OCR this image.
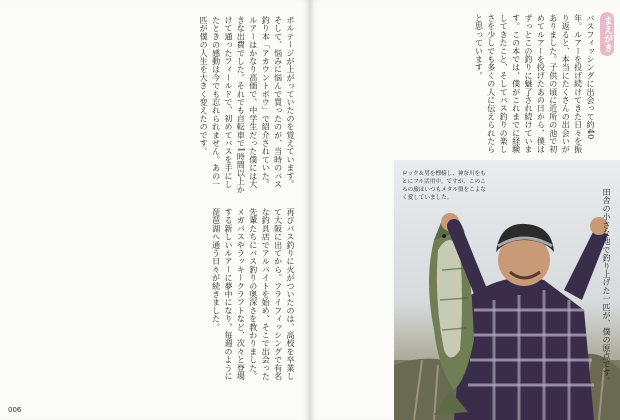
ボルテージが上がっていたのを覚えています。そして、悩みに悩んで買ったのが、当時のバス釣り本「アカウントボウ」で紹介されていた。ルアーはかなり高価で、中学生だった僕には大きな出費でした。それでも自転車で1時間以上かけて通ったフィールドで、初めてバスを手にしたときの感動は今でも忘れられません。あの一匹が僕の人生を大きく変えたのです。
再びバス釣りに火がついたのは、高校を卒業して大阪に出てから。フライフィッシングで有名な釣具店でアルバイトを始め、そこで出会った先輩たちにバス釣りの奥深さを教わりました。メガバスやラッキークラフトなど、次々と登場する新しいルアーに夢中になり、毎週のように琵琶湖へ通う日々が続きました。
006
まえがき
バスフィッシングに出会って約40年。ルアーを投げ続けてきた日々を振り返ると、本当にたくさんの出会いがありました。子供の頃に近所の池で初めてルアーを投げたあの日から、僕はずっとこの釣りに魅了され続けています。この本では、僕がこれまでに経験してきたこと、そしてバス釣りの楽しさを少しでも多くの人に伝えられたらと思っています。
ロック＆男を標榜し、神奈川をもとにフル活用中。ですが、このころの旅はいつもメタル盤をこよなく愛していました。	田舎の小さな池で釣り上げた一匹が、僕の原点です。
